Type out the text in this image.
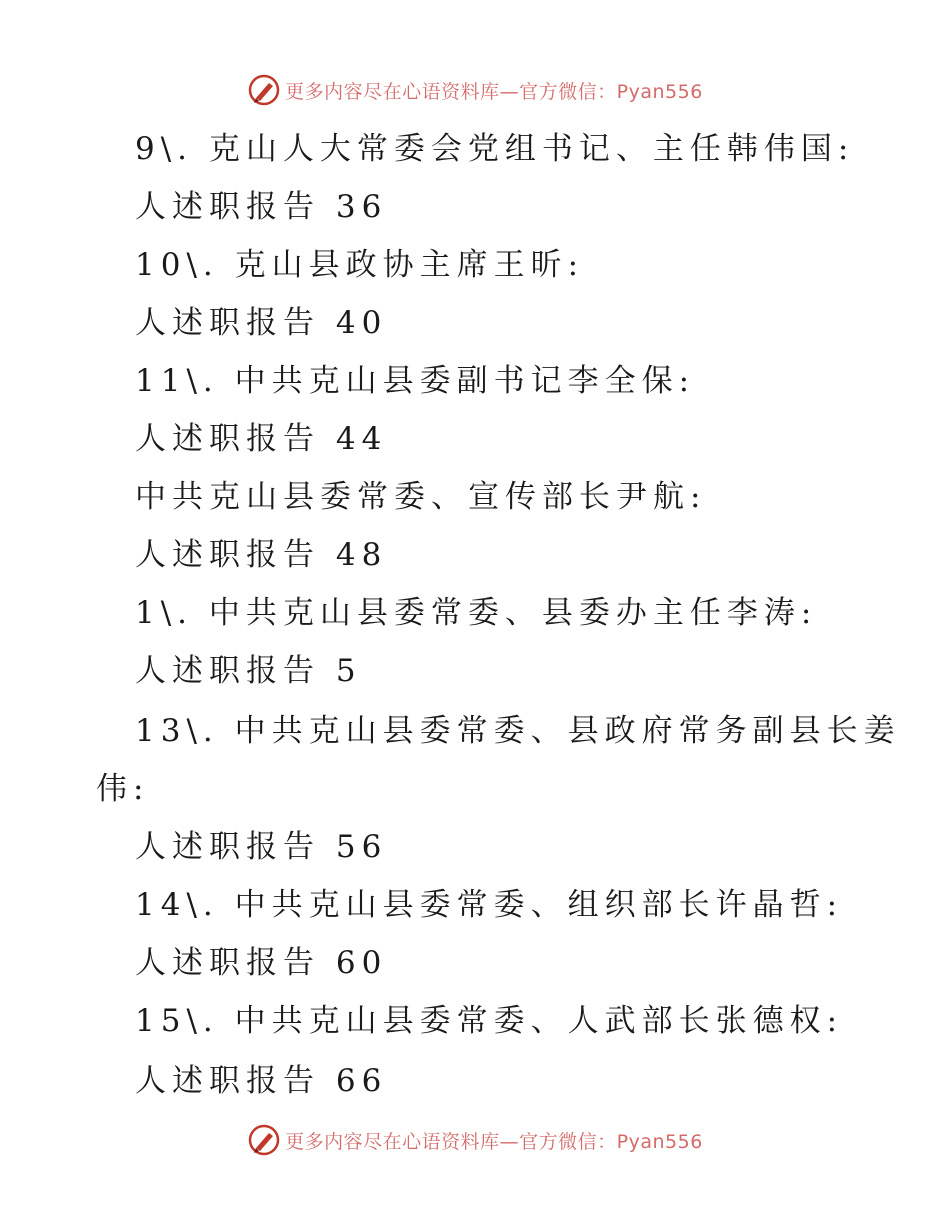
更多内容尽在心语资料库—官方微信：Pyan556
9\. 克山人大常委会党组书记、主任韩伟国:
人述职报告 36
10\. 克山县政协主席王昕:
人述职报告 40
11\. 中共克山县委副书记李全保:
人述职报告 44
中共克山县委常委、宣传部长尹航:
人述职报告 48
1\. 中共克山县委常委、县委办主任李涛:
人述职报告 5
13\. 中共克山县委常委、县政府常务副县长姜
伟:
人述职报告 56
14\. 中共克山县委常委、组织部长许晶哲:
人述职报告 60
15\. 中共克山县委常委、人武部长张德权:
人述职报告 66
更多内容尽在心语资料库—官方微信：Pyan556
